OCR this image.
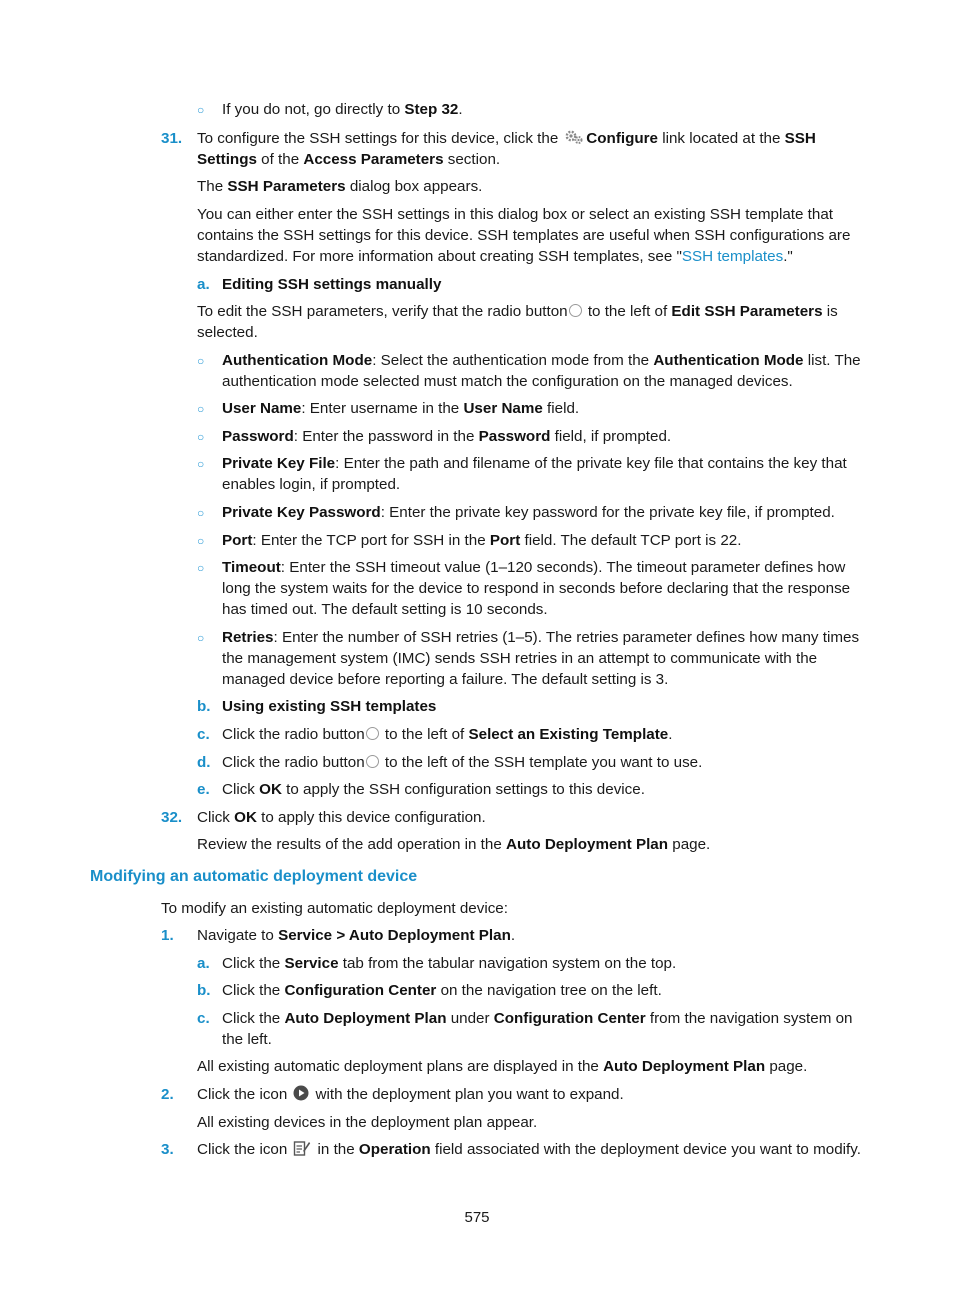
○ If you do not, go directly to Step 32.
31. To configure the SSH settings for this device, click the Configure link located at the SSH Settings of the Access Parameters section.
The SSH Parameters dialog box appears.
You can either enter the SSH settings in this dialog box or select an existing SSH template that contains the SSH settings for this device. SSH templates are useful when SSH configurations are standardized. For more information about creating SSH templates, see "SSH templates."
a. Editing SSH settings manually
To edit the SSH parameters, verify that the radio button to the left of Edit SSH Parameters is selected.
○ Authentication Mode: Select the authentication mode from the Authentication Mode list. The authentication mode selected must match the configuration on the managed devices.
○ User Name: Enter username in the User Name field.
○ Password: Enter the password in the Password field, if prompted.
○ Private Key File: Enter the path and filename of the private key file that contains the key that enables login, if prompted.
○ Private Key Password: Enter the private key password for the private key file, if prompted.
○ Port: Enter the TCP port for SSH in the Port field. The default TCP port is 22.
○ Timeout: Enter the SSH timeout value (1–120 seconds). The timeout parameter defines how long the system waits for the device to respond in seconds before declaring that the response has timed out. The default setting is 10 seconds.
○ Retries: Enter the number of SSH retries (1–5). The retries parameter defines how many times the management system (IMC) sends SSH retries in an attempt to communicate with the managed device before reporting a failure. The default setting is 3.
b. Using existing SSH templates
c. Click the radio button to the left of Select an Existing Template.
d. Click the radio button to the left of the SSH template you want to use.
e. Click OK to apply the SSH configuration settings to this device.
32. Click OK to apply this device configuration.
Review the results of the add operation in the Auto Deployment Plan page.
Modifying an automatic deployment device
To modify an existing automatic deployment device:
1. Navigate to Service > Auto Deployment Plan.
a. Click the Service tab from the tabular navigation system on the top.
b. Click the Configuration Center on the navigation tree on the left.
c. Click the Auto Deployment Plan under Configuration Center from the navigation system on the left.
All existing automatic deployment plans are displayed in the Auto Deployment Plan page.
2. Click the icon with the deployment plan you want to expand.
All existing devices in the deployment plan appear.
3. Click the icon in the Operation field associated with the deployment device you want to modify.
575
